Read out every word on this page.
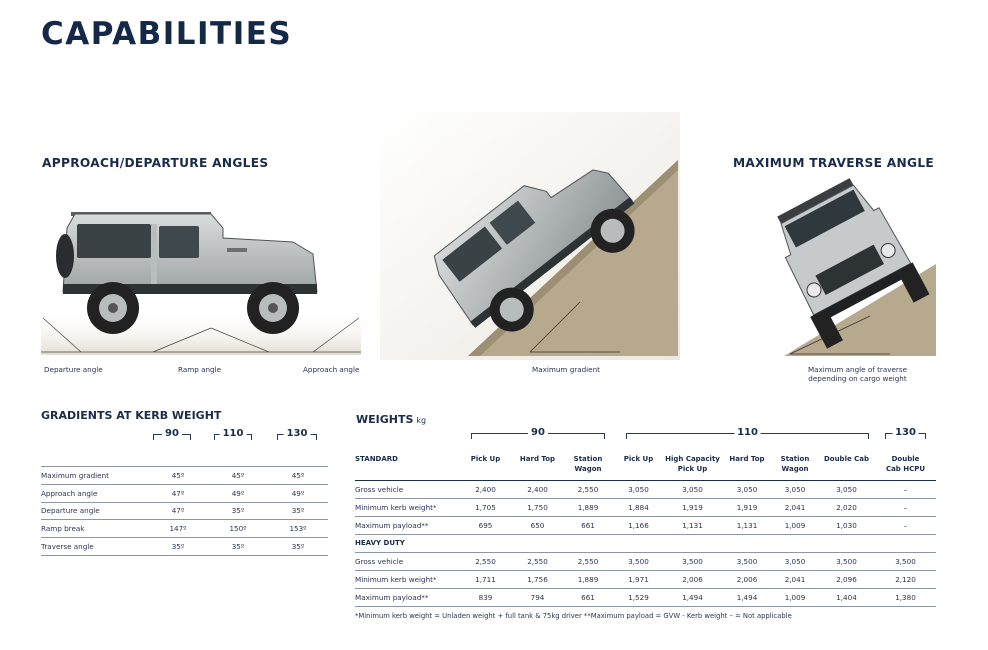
CAPABILITIES
APPROACH/DEPARTURE ANGLES	MAXIMUM TRAVERSE ANGLE
Departure angle	Ramp angle	Approach angle	Maximum gradient	Maximum angle of traverse
depending on cargo weight
GRADIENTS AT KERB WEIGHT
90	110	130
Maximum gradient	45º	45º	45º
Approach angle	47º	49º	49º
Departure angle	47º	35º	35º
Ramp break	147º	150º	153º
Traverse angle	35º	35º	35º
WEIGHTS kg
90	110	130
STANDARD	Pick Up	Hard Top	Station Wagon	Pick Up	High Capacity Pick Up	Hard Top	Station Wagon	Double Cab	Double Cab HCPU
Gross vehicle	2,400	2,400	2,550	3,050	3,050	3,050	3,050	3,050	–
Minimum kerb weight*	1,705	1,750	1,889	1,884	1,919	1,919	2,041	2,020	–
Maximum payload**	695	650	661	1,166	1,131	1,131	1,009	1,030	–
HEAVY DUTY									
Gross vehicle	2,550	2,550	2,550	3,500	3,500	3,500	3,050	3,500	3,500
Minimum kerb weight*	1,711	1,756	1,889	1,971	2,006	2,006	2,041	2,096	2,120
Maximum payload**	839	794	661	1,529	1,494	1,494	1,009	1,404	1,380
*Minimum kerb weight = Unladen weight + full tank & 75kg driver **Maximum payload = GVW - Kerb weight – = Not applicable
